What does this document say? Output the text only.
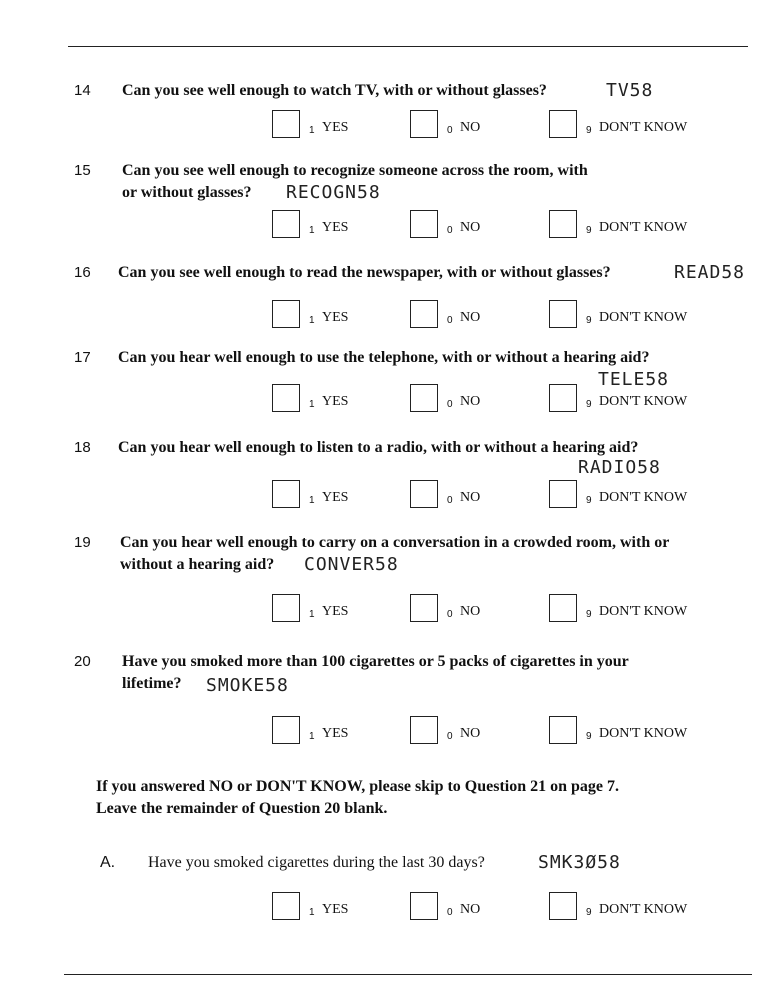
14	Can you see well enough to watch TV, with or without glasses?	TV58
1 YES	0 NO	9 DON'T KNOW
15	Can you see well enough to recognize someone across the room, with
or without glasses? RECOGN58
1 YES	0 NO	9 DON'T KNOW
16	Can you see well enough to read the newspaper, with or without glasses?	READ58
1 YES	0 NO	9 DON'T KNOW
17	Can you hear well enough to use the telephone, with or without a hearing aid?
TELE58
1 YES	0 NO	9 DON'T KNOW
18	Can you hear well enough to listen to a radio, with or without a hearing aid?
RADIO58
1 YES	0 NO	9 DON'T KNOW
19	Can you hear well enough to carry on a conversation in a crowded room, with or
without a hearing aid? CONVER58
1 YES	0 NO	9 DON'T KNOW
20	Have you smoked more than 100 cigarettes or 5 packs of cigarettes in your
lifetime? SMOKE58
1 YES	0 NO	9 DON'T KNOW
If you answered NO or DON'T KNOW, please skip to Question 21 on page 7.
Leave the remainder of Question 20 blank.
A. Have you smoked cigarettes during the last 30 days?	SMK3Ø58
1 YES	0 NO	9 DON'T KNOW
